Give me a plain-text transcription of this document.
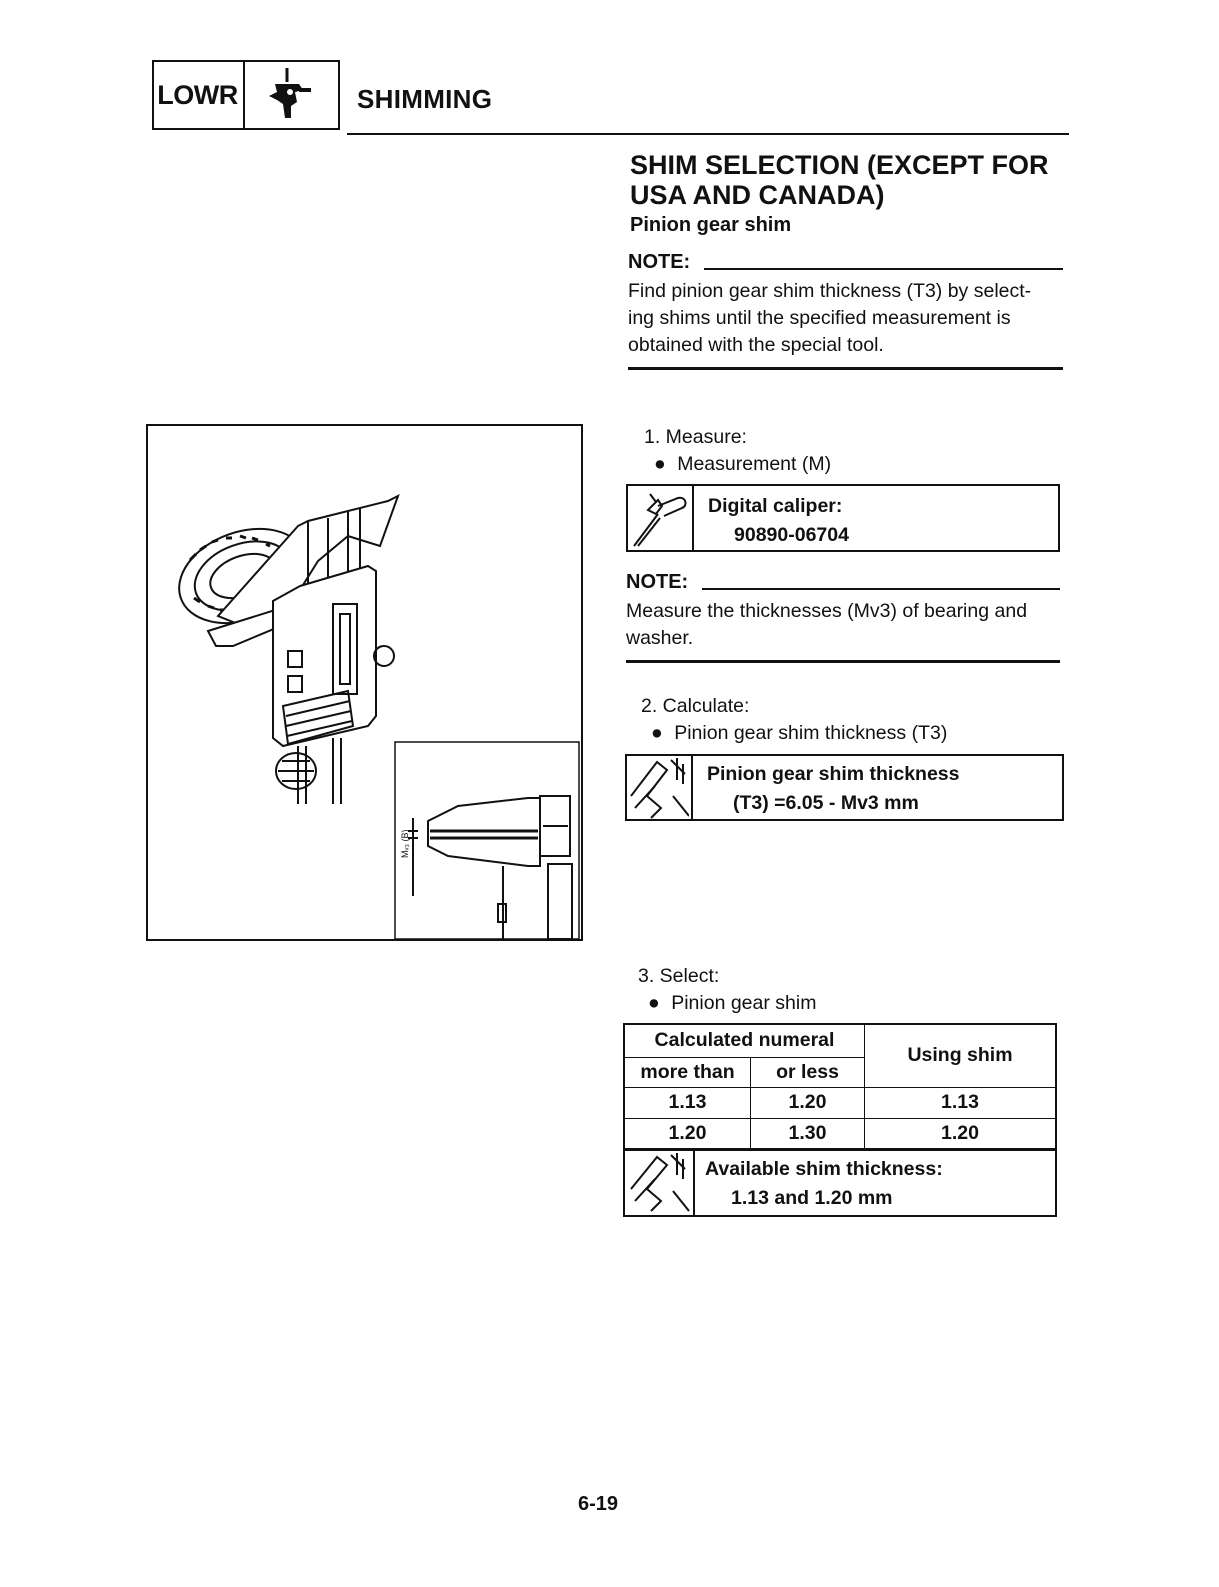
LOWR	SHIMMING
SHIM SELECTION (EXCEPT FOR
USA AND CANADA)
Pinion gear shim
NOTE:
Find pinion gear shim thickness (T3) by select-
ing shims until the specified measurement is
obtained with the special tool.
Mᵥ₃ (B)
1. Measure:
● Measurement (M)
Digital caliper:
90890-06704
NOTE:
Measure the thicknesses (Mv3) of bearing and
washer.
2. Calculate:
● Pinion gear shim thickness (T3)
Pinion gear shim thickness
(T3) =6.05 - Mv3 mm
3. Select:
● Pinion gear shim
Calculated numeral		Using shim
more than	or less	
1.13	1.20	1.13
1.20	1.30	1.20
Available shim thickness:
1.13 and 1.20 mm
6-19
